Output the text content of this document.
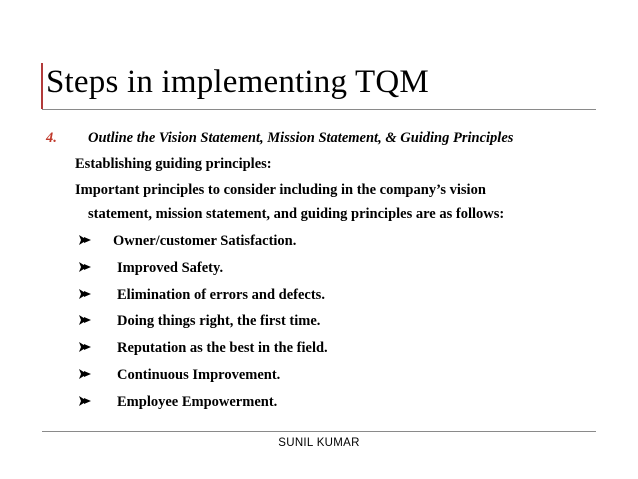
Steps in implementing TQM
4. Outline the Vision Statement, Mission Statement, & Guiding Principles
Establishing guiding principles:
Important principles to consider including in the company’s vision
statement, mission statement, and guiding principles are as follows:
Owner/customer Satisfaction.
Improved Safety.
Elimination of errors and defects.
Doing things right, the first time.
Reputation as the best in the field.
Continuous Improvement.
Employee Empowerment.
SUNIL KUMAR
